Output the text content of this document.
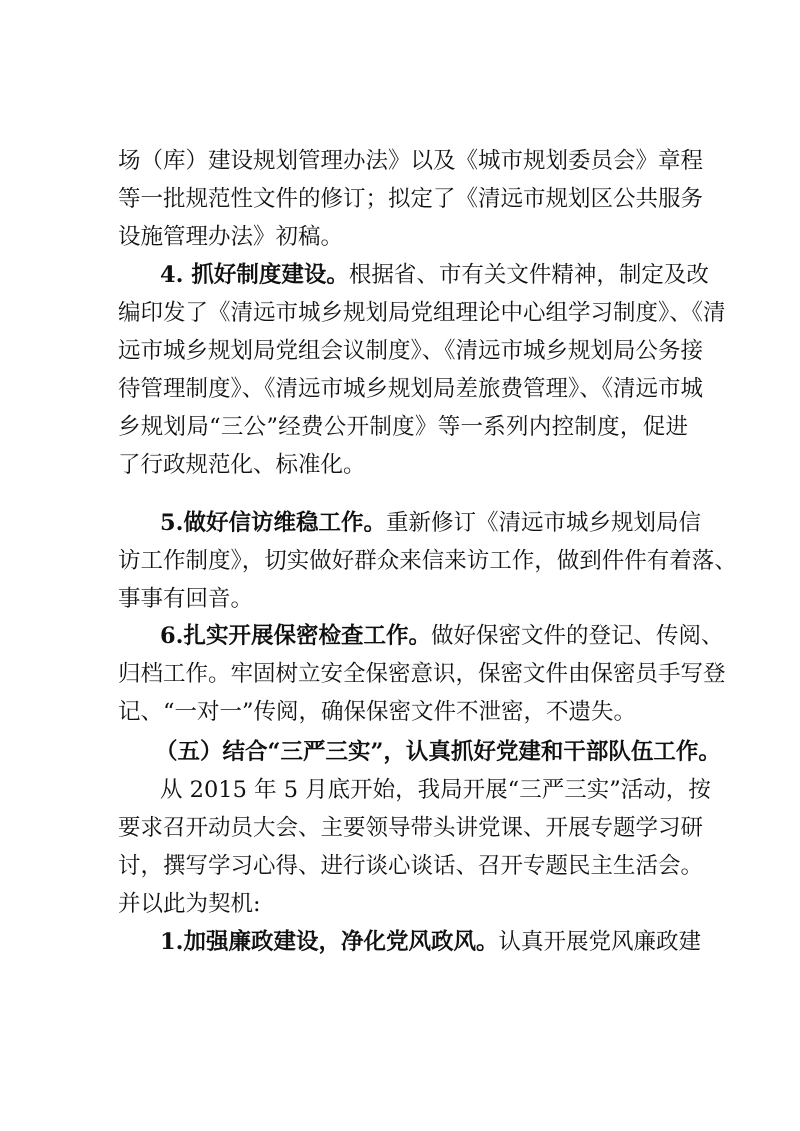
场（库）建设规划管理办法》以及《城市规划委员会》章程
等一批规范性文件的修订；拟定了《清远市规划区公共服务
设施管理办法》初稿。
4. 抓好制度建设。根据省、市有关文件精神，制定及改
编印发了《清远市城乡规划局党组理论中心组学习制度》、《清
远市城乡规划局党组会议制度》、《清远市城乡规划局公务接
待管理制度》、《清远市城乡规划局差旅费管理》、《清远市城
乡规划局“三公”经费公开制度》等一系列内控制度，促进
了行政规范化、标准化。
5.做好信访维稳工作。重新修订《清远市城乡规划局信
访工作制度》，切实做好群众来信来访工作，做到件件有着落、
事事有回音。
6.扎实开展保密检查工作。做好保密文件的登记、传阅、
归档工作。牢固树立安全保密意识，保密文件由保密员手写登
记、“一对一”传阅，确保保密文件不泄密，不遗失。
（五）结合“三严三实”，认真抓好党建和干部队伍工作。
从 2015 年 5 月底开始，我局开展“三严三实”活动，按
要求召开动员大会、主要领导带头讲党课、开展专题学习研
讨，撰写学习心得、进行谈心谈话、召开专题民主生活会。
并以此为契机:
1.加强廉政建设，净化党风政风。认真开展党风廉政建
